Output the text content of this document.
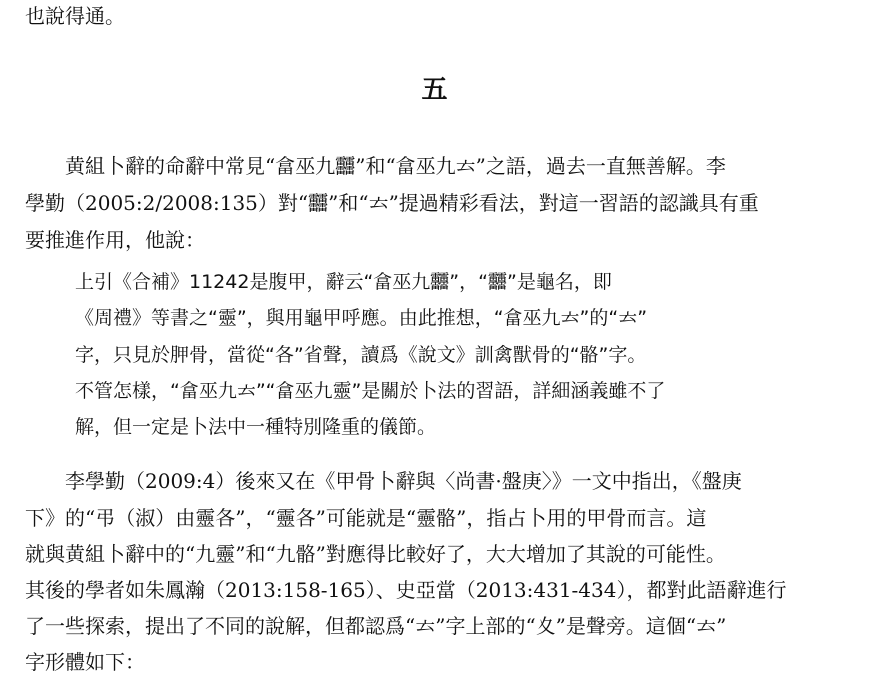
也說得通。
五
　　黄組卜辭的命辭中常見“畣巫九䨻”和“畣巫九𠫓”之語，過去一直無善解。李
學勤（2005:2/2008:135）對“䨻”和“𠫓”提過精彩看法，對這一習語的認識具有重
要推進作用，他說：
上引《合補》11242是腹甲，辭云“畣巫九䨻”，“䨻”是龜名，即
《周禮》等書之“靈”，與用龜甲呼應。由此推想，“畣巫九𠫓”的“𠫓”
字，只見於胛骨，當從“各”省聲，讀爲《說文》訓禽獸骨的“骼”字。
不管怎樣，“畣巫九𠫓”“畣巫九靈”是關於卜法的習語，詳細涵義雖不了
解，但一定是卜法中一種特別隆重的儀節。
　　李學勤（2009:4）後來又在《甲骨卜辭與〈尚書·盤庚〉》一文中指出，《盤庚
下》的“弔（淑）由靈各”，“靈各”可能就是“靈骼”，指占卜用的甲骨而言。這
就與黄組卜辭中的“九靈”和“九骼”對應得比較好了，大大增加了其說的可能性。
其後的學者如朱鳳瀚（2013:158-165）、史亞當（2013:431-434），都對此語辭進行
了一些探索，提出了不同的說解，但都認爲“𠫓”字上部的“夊”是聲旁。這個“𠫓”
字形體如下：
